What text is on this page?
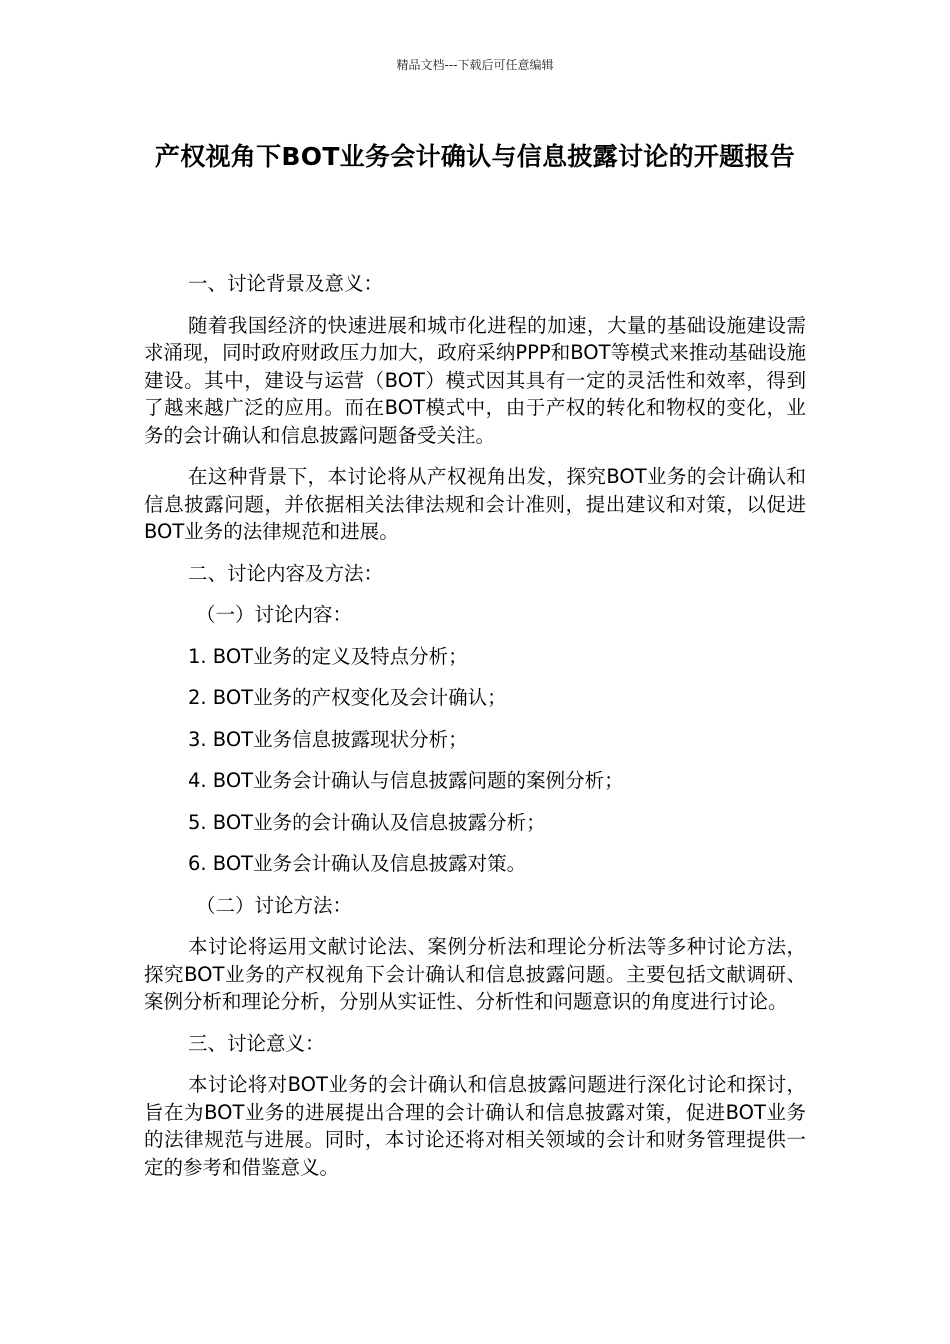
精品文档---下载后可任意编辑
产权视角下BOT业务会计确认与信息披露讨论的开题报告

一、讨论背景及意义：

随着我国经济的快速进展和城市化进程的加速，大量的基础设施建设需求涌现，同时政府财政压力加大，政府采纳PPP和BOT等模式来推动基础设施建设。其中，建设与运营（BOT）模式因其具有一定的灵活性和效率，得到了越来越广泛的应用。而在BOT模式中，由于产权的转化和物权的变化，业务的会计确认和信息披露问题备受关注。

在这种背景下，本讨论将从产权视角出发，探究BOT业务的会计确认和信息披露问题，并依据相关法律法规和会计准则，提出建议和对策，以促进BOT业务的法律规范和进展。

二、讨论内容及方法：

（一）讨论内容：

1. BOT业务的定义及特点分析；

2. BOT业务的产权变化及会计确认；

3. BOT业务信息披露现状分析；

4. BOT业务会计确认与信息披露问题的案例分析；

5. BOT业务的会计确认及信息披露分析；

6. BOT业务会计确认及信息披露对策。

（二）讨论方法：

本讨论将运用文献讨论法、案例分析法和理论分析法等多种讨论方法，探究BOT业务的产权视角下会计确认和信息披露问题。主要包括文献调研、案例分析和理论分析，分别从实证性、分析性和问题意识的角度进行讨论。

三、讨论意义：

本讨论将对BOT业务的会计确认和信息披露问题进行深化讨论和探讨，旨在为BOT业务的进展提出合理的会计确认和信息披露对策，促进BOT业务的法律规范与进展。同时，本讨论还将对相关领域的会计和财务管理提供一定的参考和借鉴意义。
